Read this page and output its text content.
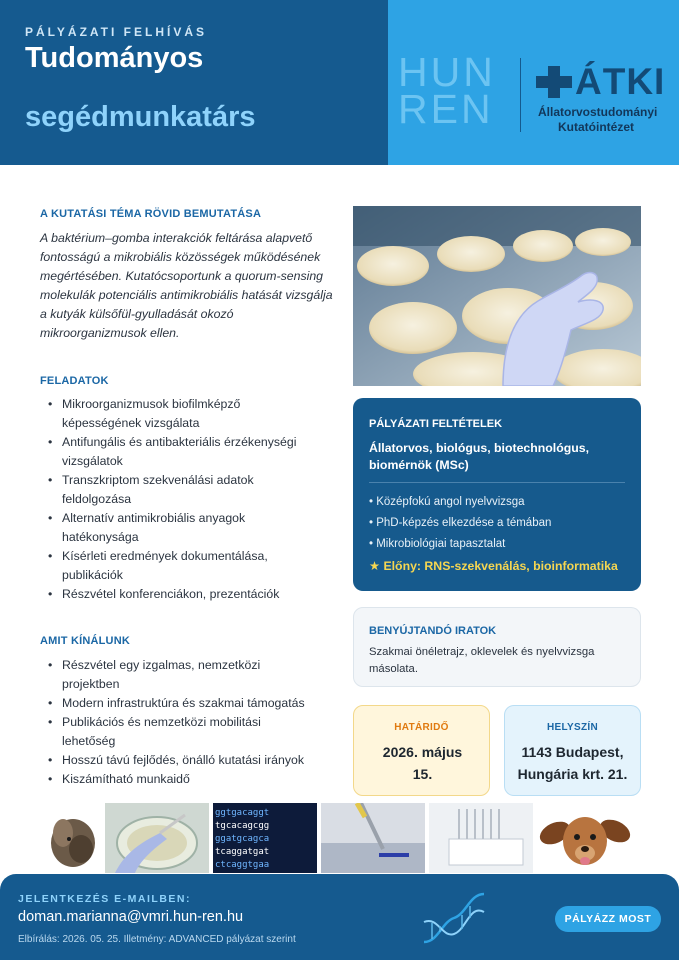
PÁLYÁZATI FELHÍVÁS
Tudományos
segédmunkatárs
HUN
REN
ÁTKI
Állatorvostudományi
Kutatóintézet
A KUTATÁSI TÉMA RÖVID BEMUTATÁSA
A baktérium–gomba interakciók feltárása alapvető fontosságú a mikrobiális közösségek működésének megértésében. Kutatócsoportunk a quorum-sensing molekulák potenciális antimikrobiális hatását vizsgálja a kutyák külsőfül-gyulladását okozó mikroorganizmusok ellen.
FELADATOK
• Mikroorganizmusok biofilmképző képességének vizsgálata
• Antifungális és antibakteriális érzékenységi vizsgálatok
• Transzkriptom szekvenálási adatok feldolgozása
• Alternatív antimikrobiális anyagok hatékonysága
• Kísérleti eredmények dokumentálása, publikációk
• Részvétel konferenciákon, prezentációk
PÁLYÁZATI FELTÉTELEK
Állatorvos, biológus, biotechnológus, biomérnök (MSc)
• Középfokú angol nyelvvizsga
• PhD-képzés elkezdése a témában
• Mikrobiológiai tapasztalat
★ Előny: RNS-szekvenálás, bioinformatika
AMIT KÍNÁLUNK
• Részvétel egy izgalmas, nemzetközi projektben
• Modern infrastruktúra és szakmai támogatás
• Publikációs és nemzetközi mobilitási lehetőség
• Hosszú távú fejlődés, önálló kutatási irányok
• Kiszámítható munkaidő
BENYÚJTANDÓ IRATOK
Szakmai önéletrajz, oklevelek és nyelvvizsga másolata.
HATÁRIDŐ
2026. május 15.
HELYSZÍN
1143 Budapest, Hungária krt. 21.
ggtgacaggt
tgcacagcgg
ggatgcagca
tcaggatgat
ctcaggtgaa
JELENTKEZÉS E-MAILBEN:
doman.marianna@vmri.hun-ren.hu
Elbírálás: 2026. 05. 25. Illetmény: ADVANCED pályázat szerint
PÁLYÁZZ MOST
